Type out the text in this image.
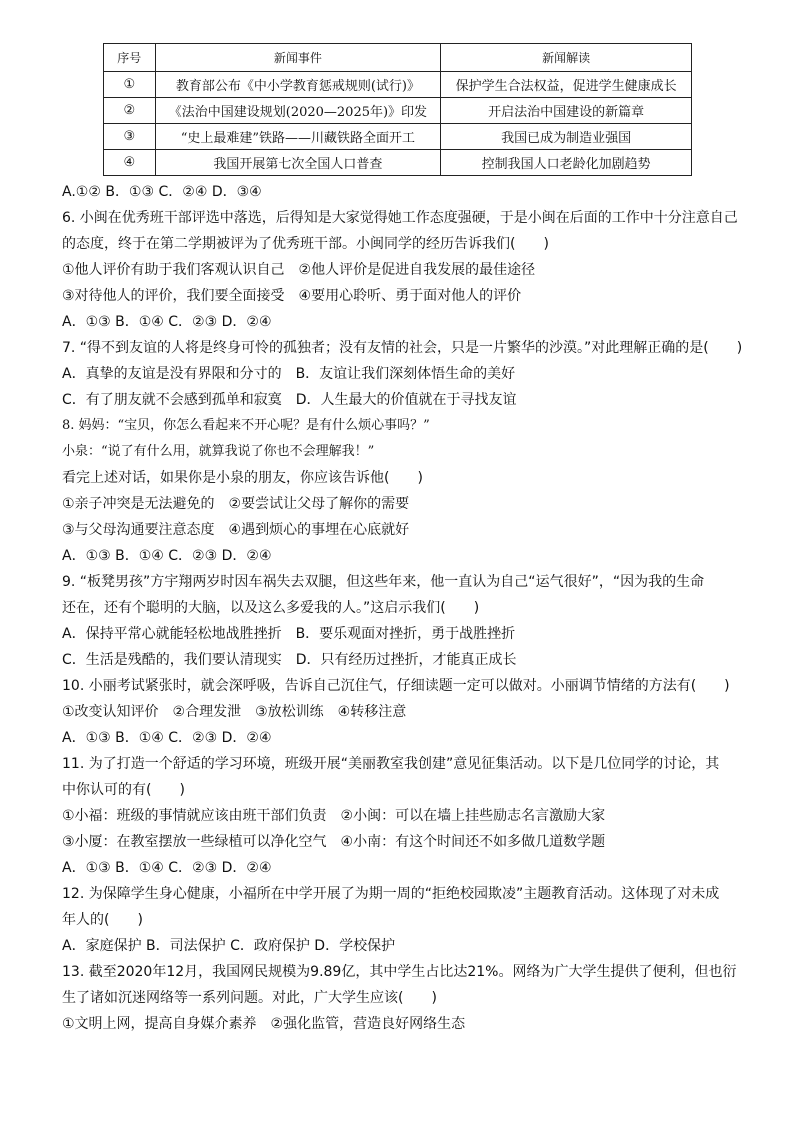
序号	新闻事件	新闻解读
①	教育部公布《中小学教育惩戒规则(试行)》	保护学生合法权益，促进学生健康成长
②	《法治中国建设规划(2020—2025年)》印发	开启法治中国建设的新篇章
③	“史上最难建”铁路——川藏铁路全面开工	我国已成为制造业强国
④	我国开展第七次全国人口普查	控制我国人口老龄化加剧趋势
A.①② B．①③ C．②④ D．③④
6. 小闽在优秀班干部评选中落选，后得知是大家觉得她工作态度强硬，于是小闽在后面的工作中十分注意自己
的态度，终于在第二学期被评为了优秀班干部。小闽同学的经历告诉我们(　　)
①他人评价有助于我们客观认识自己　②他人评价是促进自我发展的最佳途径
③对待他人的评价，我们要全面接受　④要用心聆听、勇于面对他人的评价
A．①③ B．①④ C．②③ D．②④
7. “得不到友谊的人将是终身可怜的孤独者；没有友情的社会，只是一片繁华的沙漠。”对此理解正确的是(　　)
A．真挚的友谊是没有界限和分寸的　B．友谊让我们深刻体悟生命的美好
C．有了朋友就不会感到孤单和寂寞　D．人生最大的价值就在于寻找友谊
8. 妈妈：“宝贝，你怎么看起来不开心呢？是有什么烦心事吗？”
小泉：“说了有什么用，就算我说了你也不会理解我！”
看完上述对话，如果你是小泉的朋友，你应该告诉他(　　)
①亲子冲突是无法避免的　②要尝试让父母了解你的需要
③与父母沟通要注意态度　④遇到烦心的事埋在心底就好
A．①③ B．①④ C．②③ D．②④
9. “板凳男孩”方宇翔两岁时因车祸失去双腿，但这些年来，他一直认为自己“运气很好”，“因为我的生命
还在，还有个聪明的大脑，以及这么多爱我的人。”这启示我们(　　)
A．保持平常心就能轻松地战胜挫折　B．要乐观面对挫折，勇于战胜挫折
C．生活是残酷的，我们要认清现实　D．只有经历过挫折，才能真正成长
10. 小丽考试紧张时，就会深呼吸，告诉自己沉住气，仔细读题一定可以做对。小丽调节情绪的方法有(　　)
①改变认知评价　②合理发泄　③放松训练　④转移注意
A．①③ B．①④ C．②③ D．②④
11. 为了打造一个舒适的学习环境，班级开展“美丽教室我创建”意见征集活动。以下是几位同学的讨论，其
中你认可的有(　　)
①小福：班级的事情就应该由班干部们负责　②小闽：可以在墙上挂些励志名言激励大家
③小厦：在教室摆放一些绿植可以净化空气　④小南：有这个时间还不如多做几道数学题
A．①③ B．①④ C．②③ D．②④
12. 为保障学生身心健康，小福所在中学开展了为期一周的“拒绝校园欺凌”主题教育活动。这体现了对未成
年人的(　　)
A．家庭保护 B．司法保护 C．政府保护 D．学校保护
13. 截至2020年12月，我国网民规模为9.89亿，其中学生占比达21%。网络为广大学生提供了便利，但也衍
生了诸如沉迷网络等一系列问题。对此，广大学生应该(　　)
①文明上网，提高自身媒介素养　②强化监管，营造良好网络生态
